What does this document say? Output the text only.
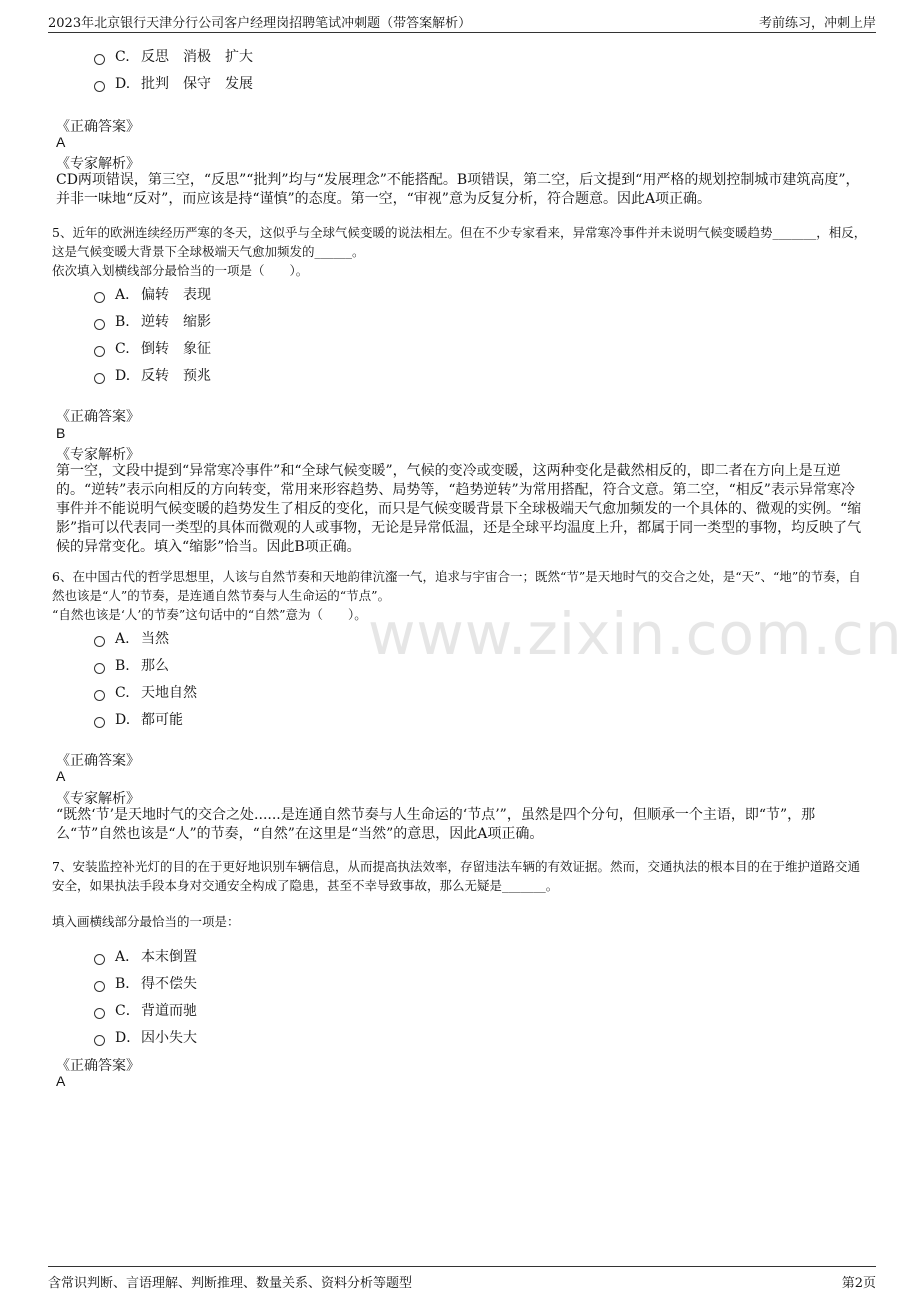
2023年北京银行天津分行公司客户经理岗招聘笔试冲刺题（带答案解析）	考前练习，冲刺上岸
www.zixin.com.cn
C. 反思 消极 扩大
D. 批判 保守 发展
《正确答案》
A
《专家解析》
CD两项错误，第三空，“反思”“批判”均与“发展理念”不能搭配。B项错误，第二空，后文提到“用严格的规划控制城市建筑高度”，并非一味地“反对”，而应该是持“谨慎”的态度。第一空，“审视”意为反复分析，符合题意。因此A项正确。
5、近年的欧洲连续经历严寒的冬天，这似乎与全球气候变暖的说法相左。但在不少专家看来，异常寒冷事件并未说明气候变暖趋势_______，相反，这是气候变暖大背景下全球极端天气愈加频发的______。
依次填入划横线部分最恰当的一项是（　　）。
A． 偏转 表现
B. 逆转 缩影
C. 倒转 象征
D. 反转 预兆
《正确答案》
B
《专家解析》
第一空，文段中提到“异常寒冷事件”和“全球气候变暖”，气候的变冷或变暖，这两种变化是截然相反的，即二者在方向上是互逆的。“逆转”表示向相反的方向转变，常用来形容趋势、局势等，“趋势逆转”为常用搭配，符合文意。第二空，“相反”表示异常寒冷事件并不能说明气候变暖的趋势发生了相反的变化，而只是气候变暖背景下全球极端天气愈加频发的一个具体的、微观的实例。“缩影”指可以代表同一类型的具体而微观的人或事物，无论是异常低温，还是全球平均温度上升，都属于同一类型的事物，均反映了气候的异常变化。填入“缩影”恰当。因此B项正确。
6、在中国古代的哲学思想里，人该与自然节奏和天地韵律沆瀣一气，追求与宇宙合一；既然“节”是天地时气的交合之处，是“天”、“地”的节奏，自然也该是“人”的节奏，是连通自然节奏与人生命运的“节点”。
“自然也该是‘人’的节奏”这句话中的“自然”意为（　　）。
A. 当然
B. 那么
C. 天地自然
D. 都可能
《正确答案》
A
《专家解析》
“既然‘节’是天地时气的交合之处......是连通自然节奏与人生命运的‘节点’”，虽然是四个分句，但顺承一个主语，即“节”，那么“节”自然也该是“人”的节奏，“自然”在这里是“当然”的意思，因此A项正确。
7、安装监控补光灯的目的在于更好地识别车辆信息，从而提高执法效率，存留违法车辆的有效证据。然而，交通执法的根本目的在于维护道路交通安全，如果执法手段本身对交通安全构成了隐患，甚至不幸导致事故，那么无疑是_______。
填入画横线部分最恰当的一项是：
A． 本末倒置
B． 得不偿失
C．背道而驰
D．因小失大
《正确答案》
A
含常识判断、言语理解、判断推理、数量关系、资料分析等题型	第2页
